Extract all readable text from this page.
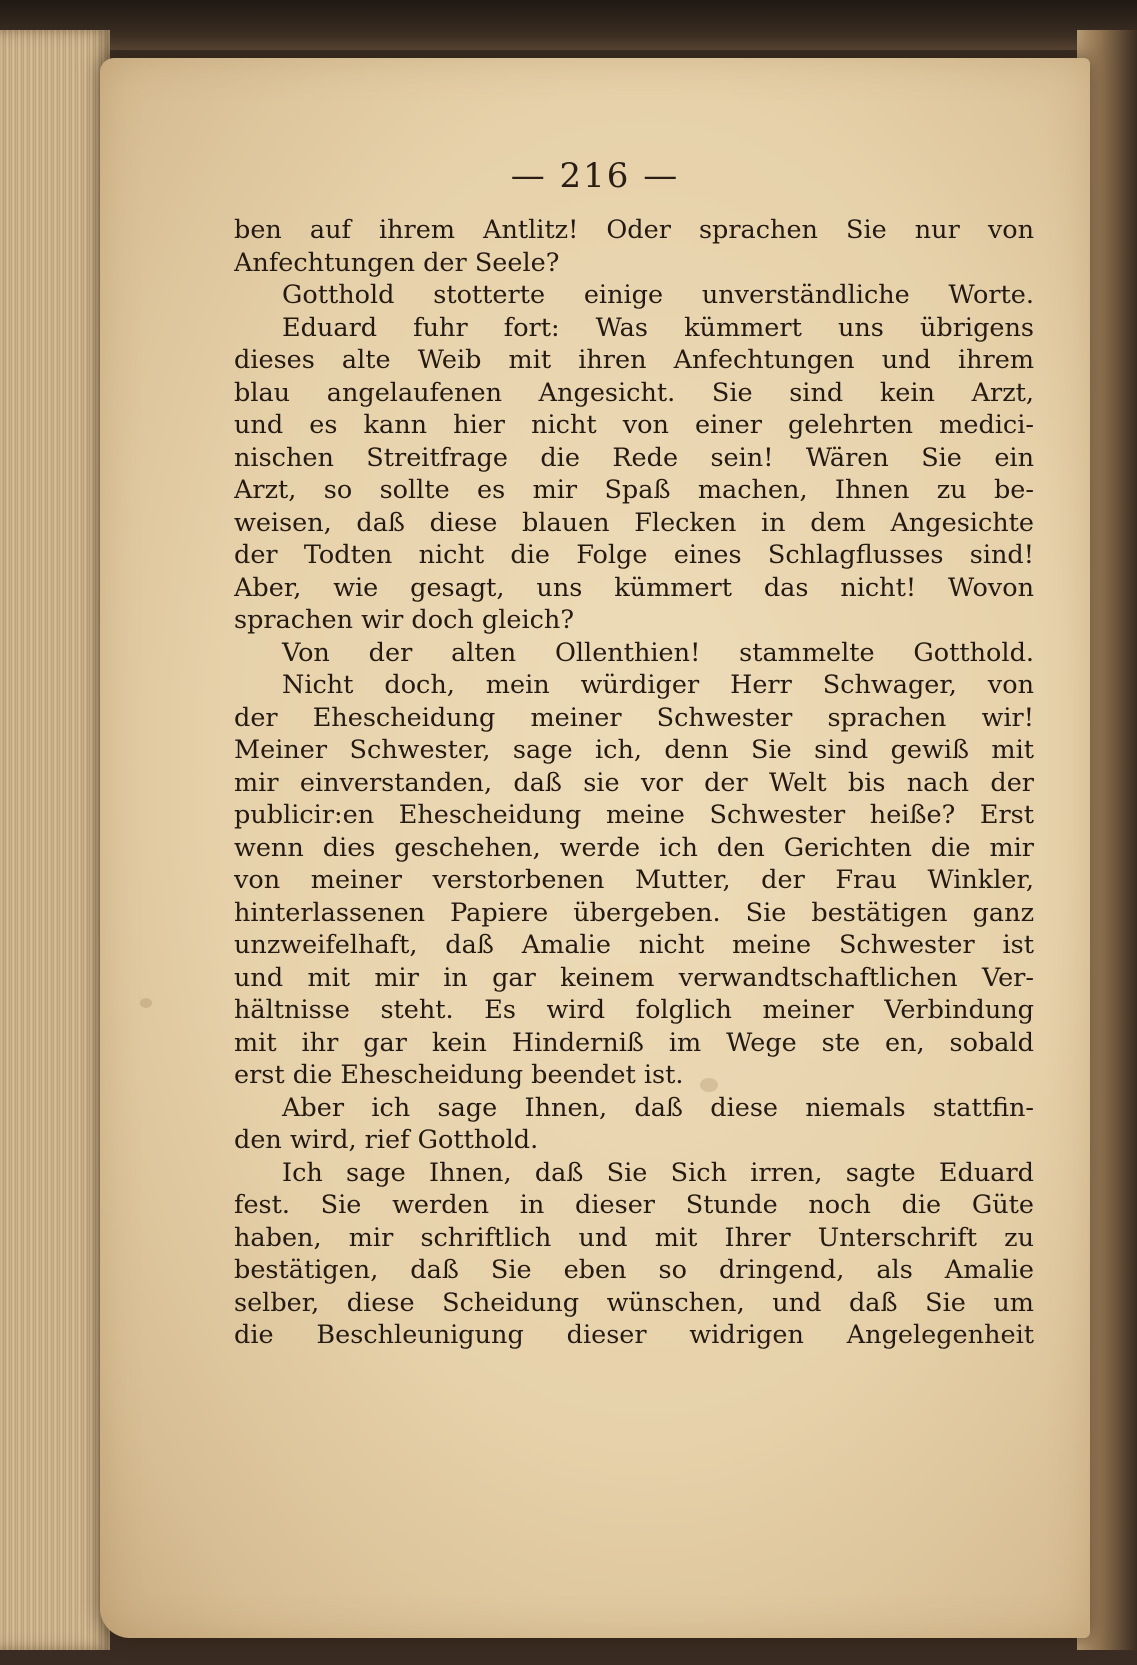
— 216 —
ben auf ihrem Antlitz! Oder sprachen Sie nur von
Anfechtungen der Seele?
Gotthold stotterte einige unverständliche Worte.
Eduard fuhr fort: Was kümmert uns übrigens
dieses alte Weib mit ihren Anfechtungen und ihrem
blau angelaufenen Angesicht. Sie sind kein Arzt,
und es kann hier nicht von einer gelehrten medici-
nischen Streitfrage die Rede sein! Wären Sie ein
Arzt, so sollte es mir Spaß machen, Ihnen zu be-
weisen, daß diese blauen Flecken in dem Angesichte
der Todten nicht die Folge eines Schlagflusses sind!
Aber, wie gesagt, uns kümmert das nicht! Wovon
sprachen wir doch gleich?
Von der alten Ollenthien! stammelte Gotthold.
Nicht doch, mein würdiger Herr Schwager, von
der Ehescheidung meiner Schwester sprachen wir!
Meiner Schwester, sage ich, denn Sie sind gewiß mit
mir einverstanden, daß sie vor der Welt bis nach der
publicir:en Ehescheidung meine Schwester heiße? Erst
wenn dies geschehen, werde ich den Gerichten die mir
von meiner verstorbenen Mutter, der Frau Winkler,
hinterlassenen Papiere übergeben. Sie bestätigen ganz
unzweifelhaft, daß Amalie nicht meine Schwester ist
und mit mir in gar keinem verwandtschaftlichen Ver-
hältnisse steht. Es wird folglich meiner Verbindung
mit ihr gar kein Hinderniß im Wege ste en, sobald
erst die Ehescheidung beendet ist.
Aber ich sage Ihnen, daß diese niemals stattfin-
den wird, rief Gotthold.
Ich sage Ihnen, daß Sie Sich irren, sagte Eduard
fest. Sie werden in dieser Stunde noch die Güte
haben, mir schriftlich und mit Ihrer Unterschrift zu
bestätigen, daß Sie eben so dringend, als Amalie
selber, diese Scheidung wünschen, und daß Sie um
die Beschleunigung dieser widrigen Angelegenheit
